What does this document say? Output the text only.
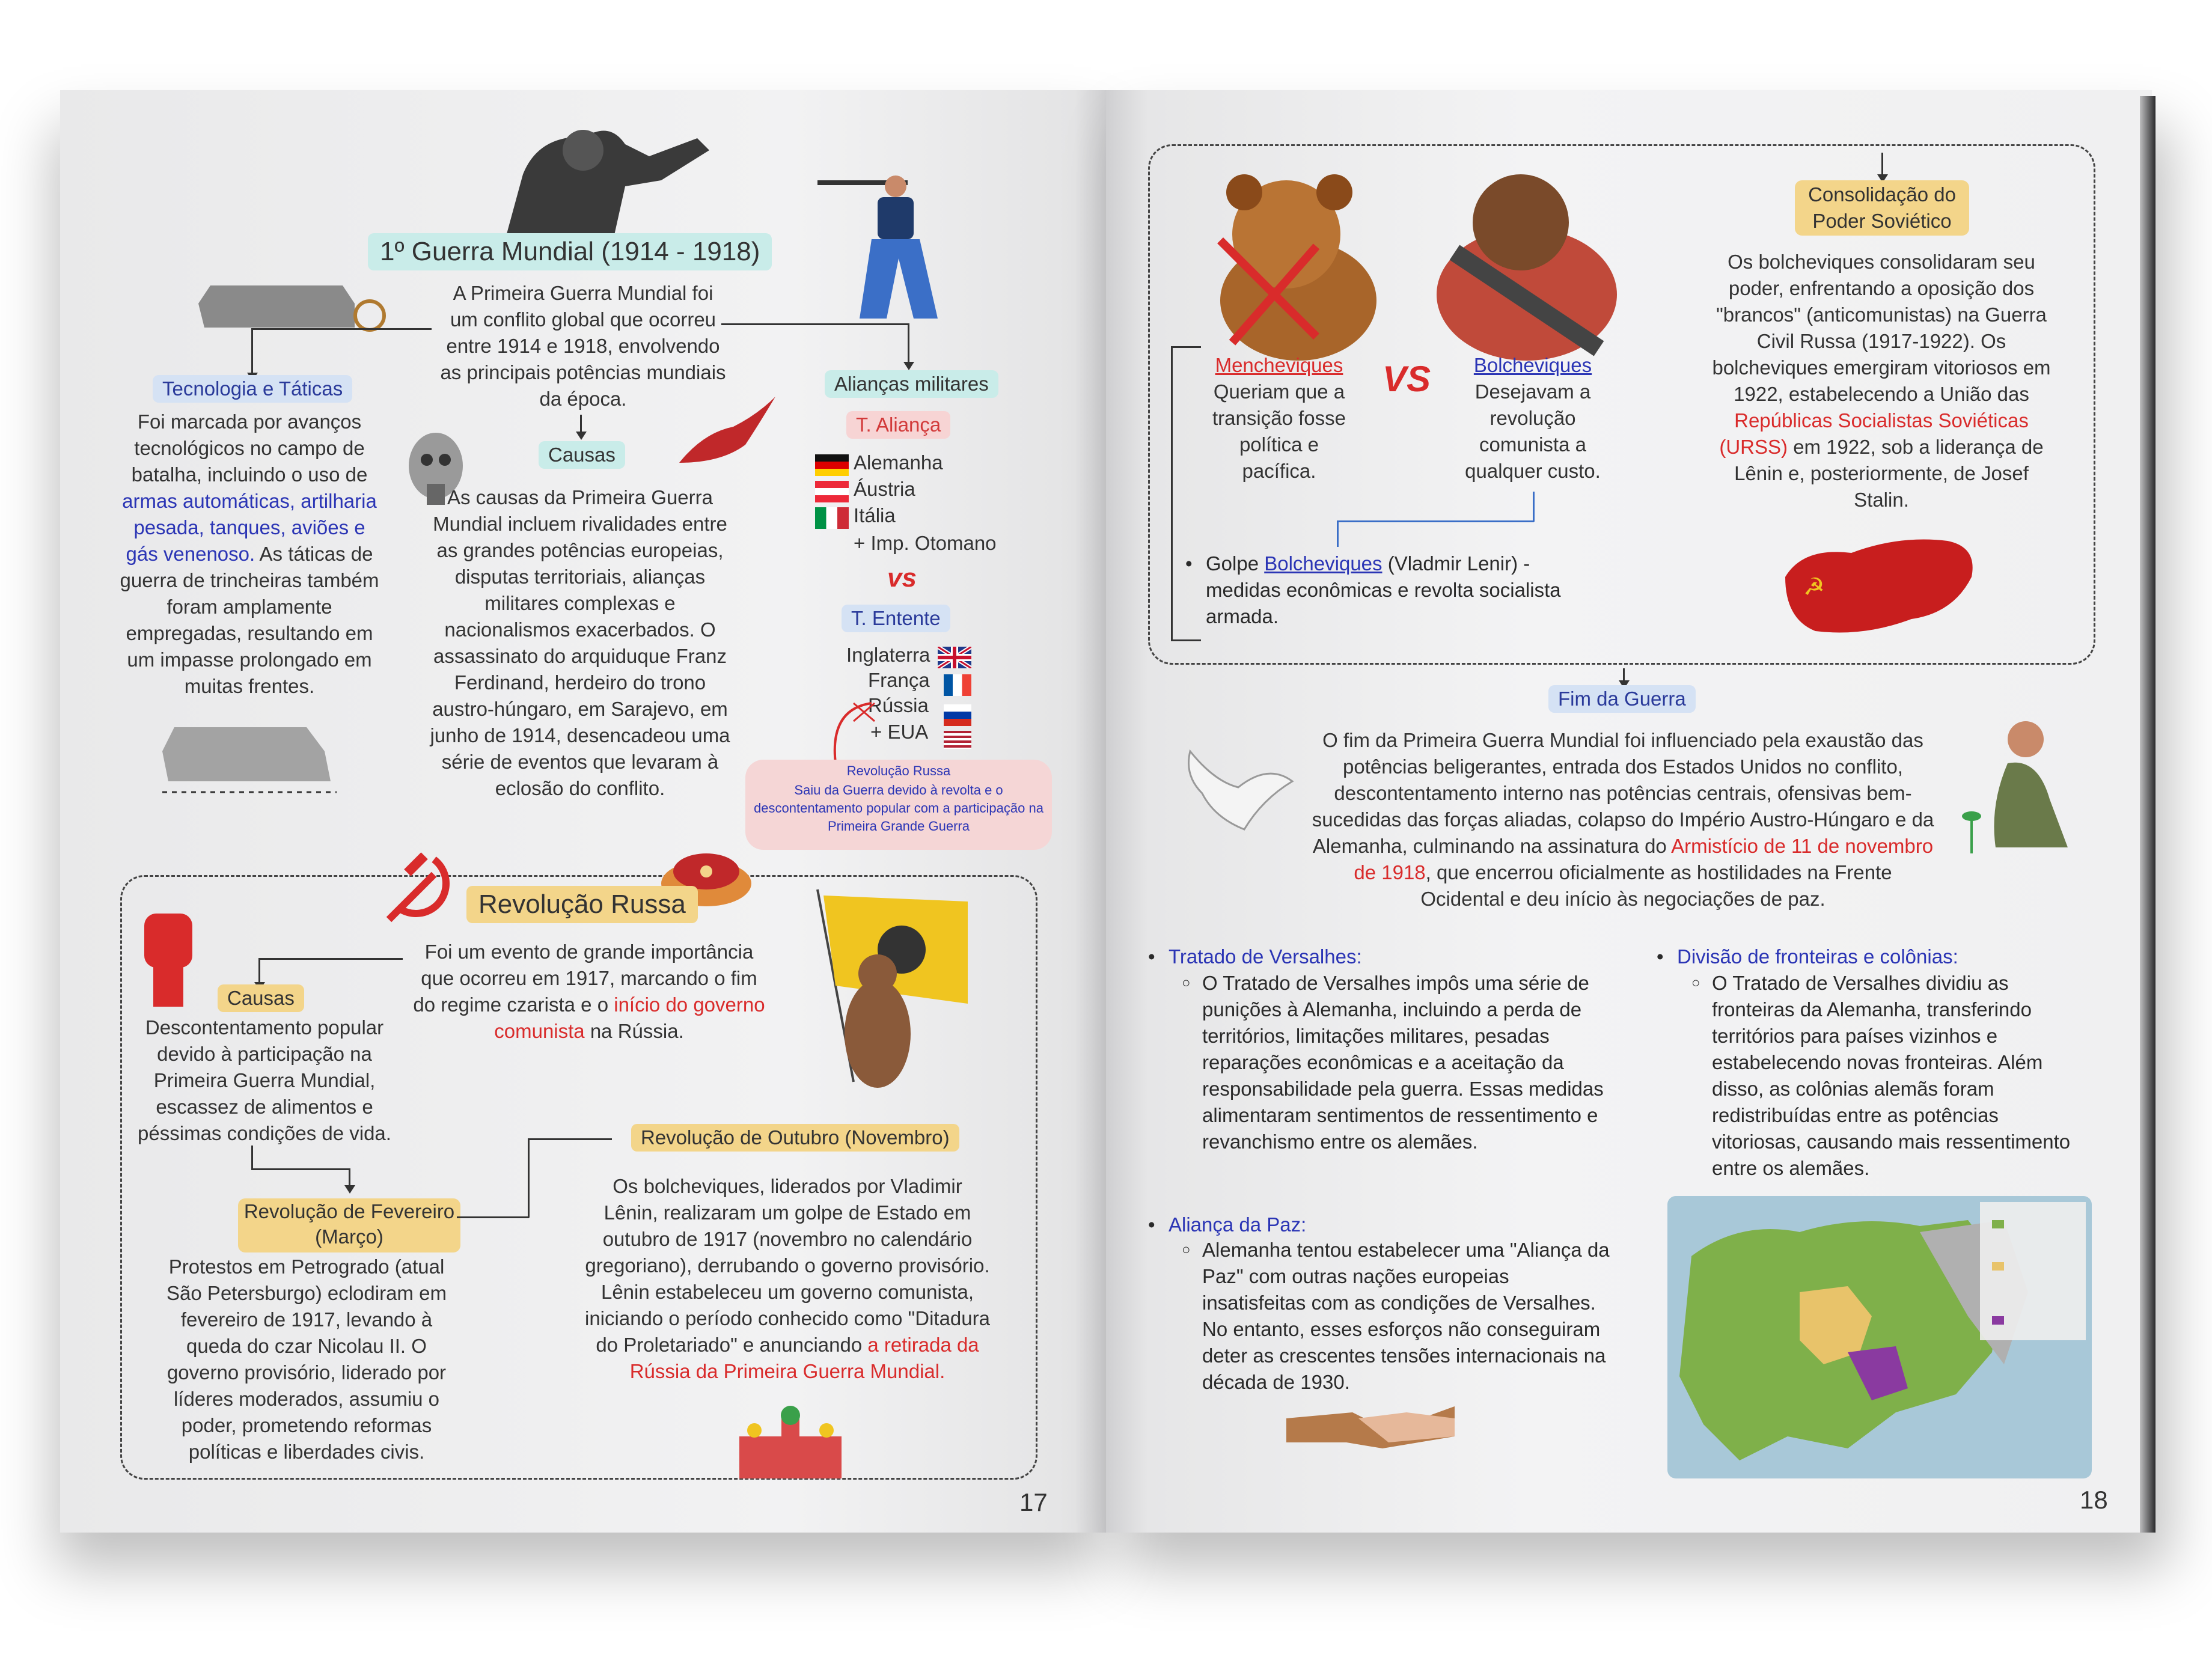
1º Guerra Mundial (1914 - 1918)
A Primeira Guerra Mundial foi um conflito global que ocorreu entre 1914 e 1918, envolvendo as principais potências mundiais da época.
Tecnologia e Táticas
Foi marcada por avanços tecnológicos no campo de batalha, incluindo o uso de armas automáticas, artilharia pesada, tanques, aviões e gás venenoso. As táticas de guerra de trincheiras também foram amplamente empregadas, resultando em um impasse prolongado em muitas frentes.
Causas
As causas da Primeira Guerra Mundial incluem rivalidades entre as grandes potências europeias, disputas territoriais, alianças militares complexas e nacionalismos exacerbados. O assassinato do arquiduque Franz Ferdinand, herdeiro do trono austro-húngaro, em Sarajevo, em junho de 1914, desencadeou uma série de eventos que levaram à eclosão do conflito.
Alianças militares
T. Aliança
Alemanha
Áustria
Itália
+ Imp. Otomano
vs
T. Entente
Inglaterra
França
Rússia
+ EUA
Revolução Russa
Saiu da Guerra devido à revolta e o descontentamento popular com a participação na Primeira Grande Guerra
Revolução Russa
Foi um evento de grande importância que ocorreu em 1917, marcando o fim do regime czarista e o início do governo comunista na Rússia.
Causas
Descontentamento popular devido à participação na Primeira Guerra Mundial, escassez de alimentos e péssimas condições de vida.
Revolução de Fevereiro
(Março)
Protestos em Petrogrado (atual São Petersburgo) eclodiram em fevereiro de 1917, levando à queda do czar Nicolau II. O governo provisório, liderado por líderes moderados, assumiu o poder, prometendo reformas políticas e liberdades civis.
Revolução de Outubro (Novembro)
Os bolcheviques, liderados por Vladimir Lênin, realizaram um golpe de Estado em outubro de 1917 (novembro no calendário gregoriano), derrubando o governo provisório. Lênin estabeleceu um governo comunista, iniciando o período conhecido como "Ditadura do Proletariado" e anunciando a retirada da Rússia da Primeira Guerra Mundial.
17
Mencheviques
Queriam que a transição fosse política e pacífica.
VS	Bolcheviques
Desejavam a revolução comunista a qualquer custo.
• Golpe Bolcheviques (Vladmir Lenir) - medidas econômicas e revolta socialista armada.
Consolidação do
Poder Soviético
Os bolcheviques consolidaram seu poder, enfrentando a oposição dos "brancos" (anticomunistas) na Guerra Civil Russa (1917-1922). Os bolcheviques emergiram vitoriosos em 1922, estabelecendo a União das Repúblicas Socialistas Soviéticas (URSS) em 1922, sob a liderança de Lênin e, posteriormente, de Josef Stalin.
☭
Fim da Guerra
O fim da Primeira Guerra Mundial foi influenciado pela exaustão das potências beligerantes, entrada dos Estados Unidos no conflito, descontentamento interno nas potências centrais, ofensivas bem-sucedidas das forças aliadas, colapso do Império Austro-Húngaro e da Alemanha, culminando na assinatura do Armistício de 11 de novembro de 1918, que encerrou oficialmente as hostilidades na Frente Ocidental e deu início às negociações de paz.
• Tratado de Versalhes:
○ O Tratado de Versalhes impôs uma série de punições à Alemanha, incluindo a perda de territórios, limitações militares, pesadas reparações econômicas e a aceitação da responsabilidade pela guerra. Essas medidas alimentaram sentimentos de ressentimento e revanchismo entre os alemães.
• Aliança da Paz:
○ Alemanha tentou estabelecer uma "Aliança da Paz" com outras nações europeias insatisfeitas com as condições de Versalhes. No entanto, esses esforços não conseguiram deter as crescentes tensões internacionais na década de 1930.
• Divisão de fronteiras e colônias:
○ O Tratado de Versalhes dividiu as fronteiras da Alemanha, transferindo territórios para países vizinhos e estabelecendo novas fronteiras. Além disso, as colônias alemãs foram redistribuídas entre as potências vitoriosas, causando mais ressentimento entre os alemães.
18
